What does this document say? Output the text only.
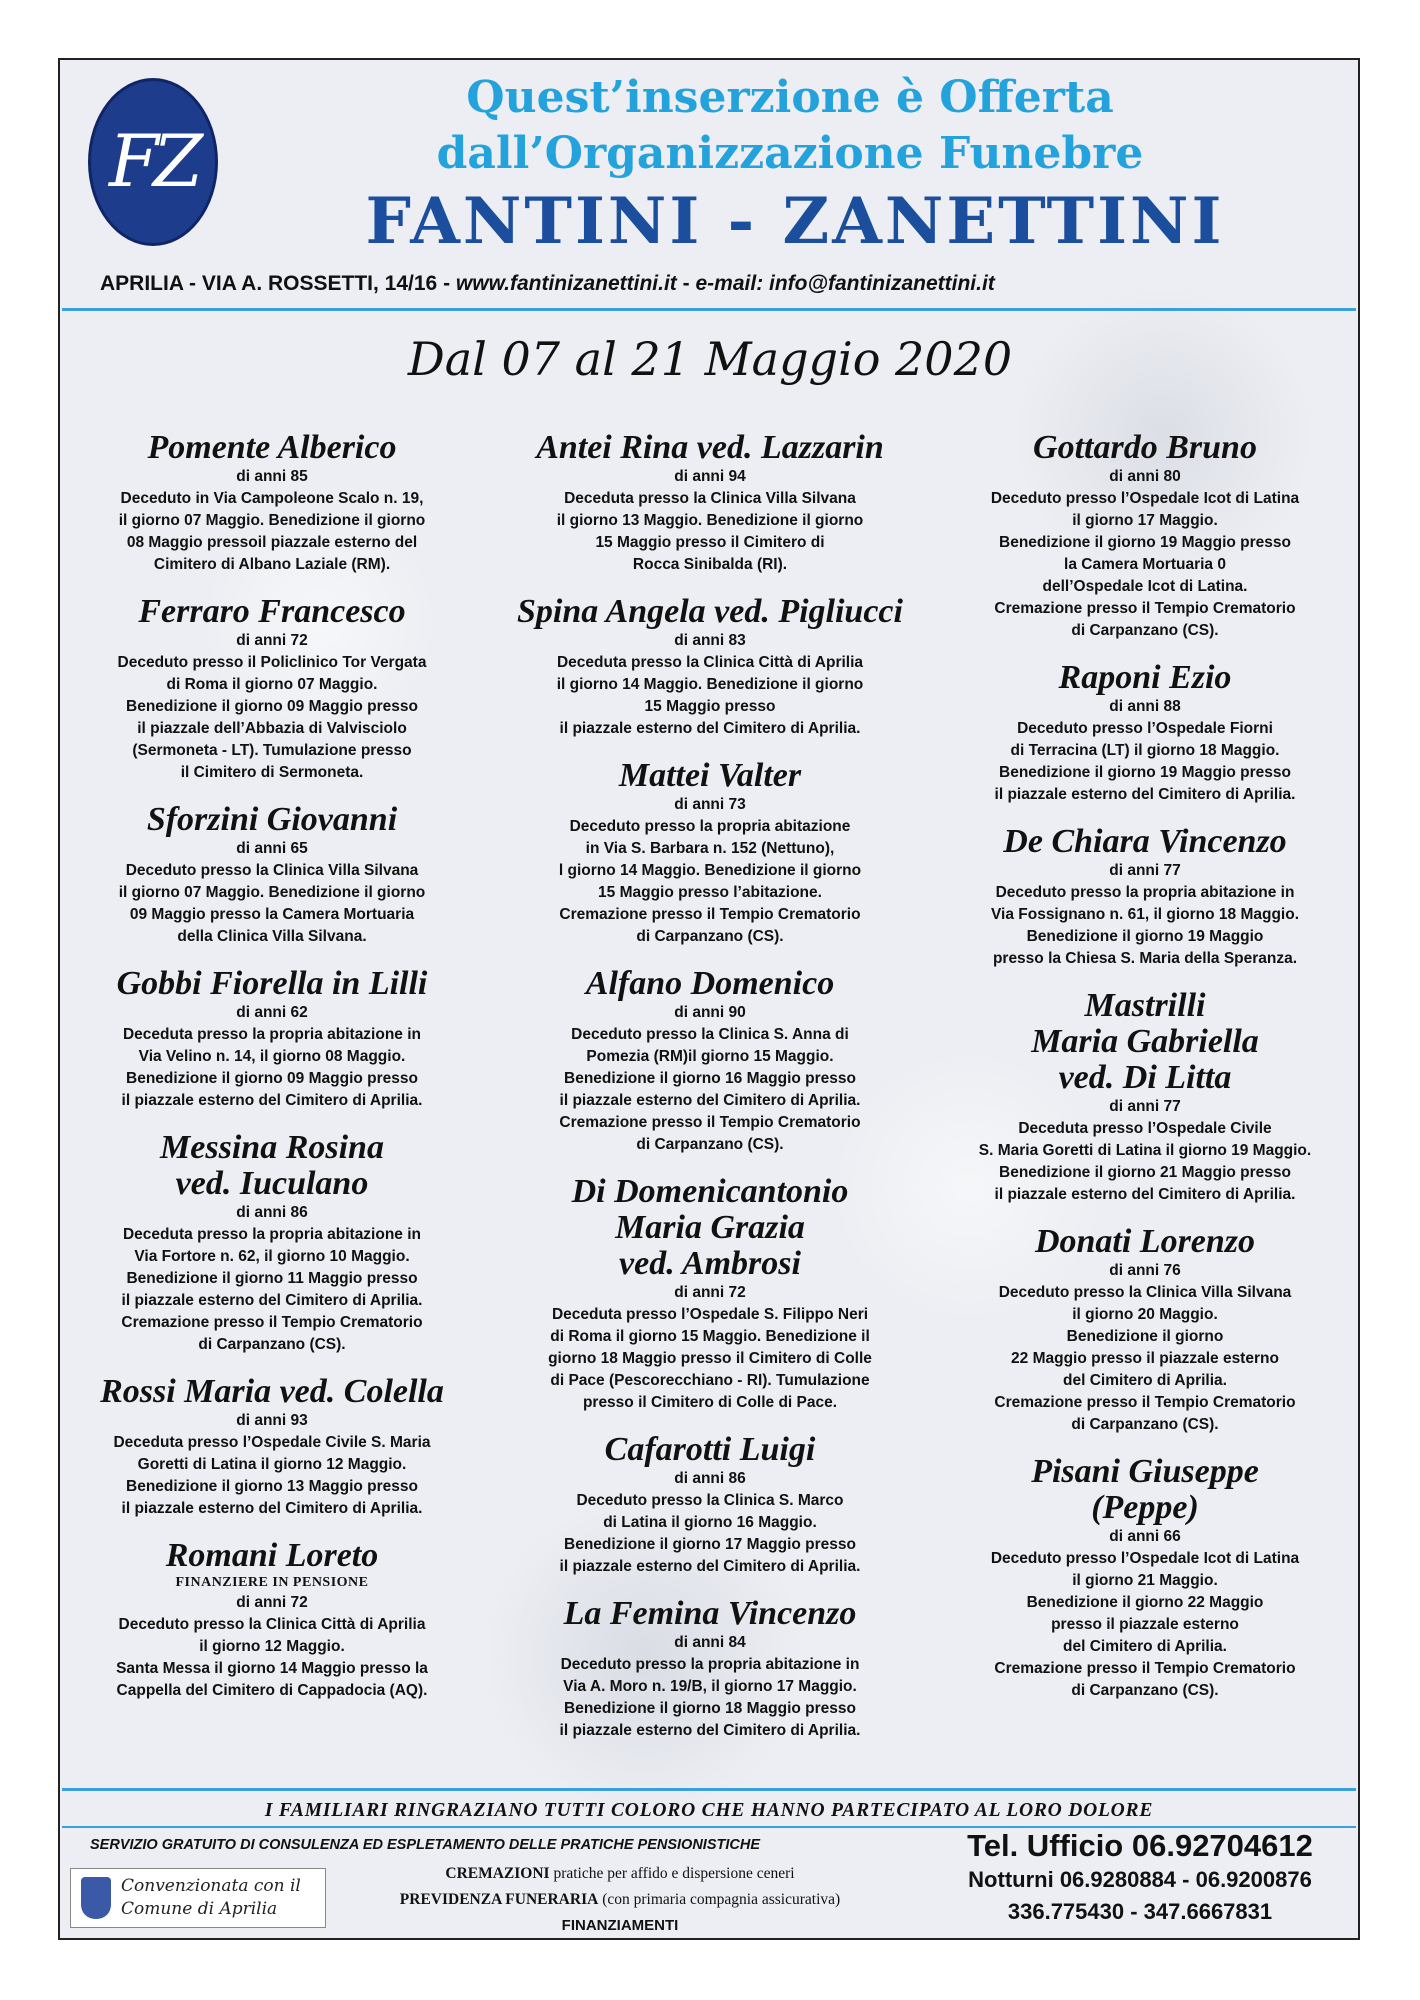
FZ
Quest’inserzione è Offerta
dall’Organizzazione Funebre
FANTINI - ZANETTINI
APRILIA - VIA A. ROSSETTI, 14/16 - www.fantinizanettini.it - e-mail: info@fantinizanettini.it
Dal 07 al 21 Maggio 2020
Pomente Alberico
di anni 85
Deceduto in Via Campoleone Scalo n. 19,
il giorno 07 Maggio. Benedizione il giorno
08 Maggio pressoil piazzale esterno del
Cimitero di Albano Laziale (RM).
Ferraro Francesco
di anni 72
Deceduto presso il Policlinico Tor Vergata
di Roma il giorno 07 Maggio.
Benedizione il giorno 09 Maggio presso
il piazzale dell’Abbazia di Valvisciolo
(Sermoneta - LT). Tumulazione presso
il Cimitero di Sermoneta.
Sforzini Giovanni
di anni 65
Deceduto presso la Clinica Villa Silvana
il giorno 07 Maggio. Benedizione il giorno
09 Maggio presso la Camera Mortuaria
della Clinica Villa Silvana.
Gobbi Fiorella in Lilli
di anni 62
Deceduta presso la propria abitazione in
Via Velino n. 14, il giorno 08 Maggio.
Benedizione il giorno 09 Maggio presso
il piazzale esterno del Cimitero di Aprilia.
Messina Rosina
ved. Iuculano
di anni 86
Deceduta presso la propria abitazione in
Via Fortore n. 62, il giorno 10 Maggio.
Benedizione il giorno 11 Maggio presso
il piazzale esterno del Cimitero di Aprilia.
Cremazione presso il Tempio Crematorio
di Carpanzano (CS).
Rossi Maria ved. Colella
di anni 93
Deceduta presso l’Ospedale Civile S. Maria
Goretti di Latina il giorno 12 Maggio.
Benedizione il giorno 13 Maggio presso
il piazzale esterno del Cimitero di Aprilia.
Romani Loreto
FINANZIERE IN PENSIONE
di anni 72
Deceduto presso la Clinica Città di Aprilia
il giorno 12 Maggio.
Santa Messa il giorno 14 Maggio presso la
Cappella del Cimitero di Cappadocia (AQ).
Antei Rina ved. Lazzarin
di anni 94
Deceduta presso la Clinica Villa Silvana
il giorno 13 Maggio. Benedizione il giorno
15 Maggio presso il Cimitero di
Rocca Sinibalda (RI).
Spina Angela ved. Pigliucci
di anni 83
Deceduta presso la Clinica Città di Aprilia
il giorno 14 Maggio. Benedizione il giorno
15 Maggio presso
il piazzale esterno del Cimitero di Aprilia.
Mattei Valter
di anni 73
Deceduto presso la propria abitazione
in Via S. Barbara n. 152 (Nettuno),
l giorno 14 Maggio. Benedizione il giorno
15 Maggio presso l’abitazione.
Cremazione presso il Tempio Crematorio
di Carpanzano (CS).
Alfano Domenico
di anni 90
Deceduto presso la Clinica S. Anna di
Pomezia (RM)il giorno 15 Maggio.
Benedizione il giorno 16 Maggio presso
il piazzale esterno del Cimitero di Aprilia.
Cremazione presso il Tempio Crematorio
di Carpanzano (CS).
Di Domenicantonio
Maria Grazia
ved. Ambrosi
di anni 72
Deceduta presso l’Ospedale S. Filippo Neri
di Roma il giorno 15 Maggio. Benedizione il
giorno 18 Maggio presso il Cimitero di Colle
di Pace (Pescorecchiano - RI). Tumulazione
presso il Cimitero di Colle di Pace.
Cafarotti Luigi
di anni 86
Deceduto presso la Clinica S. Marco
di Latina il giorno 16 Maggio.
Benedizione il giorno 17 Maggio presso
il piazzale esterno del Cimitero di Aprilia.
La Femina Vincenzo
di anni 84
Deceduto presso la propria abitazione in
Via A. Moro n. 19/B, il giorno 17 Maggio.
Benedizione il giorno 18 Maggio presso
il piazzale esterno del Cimitero di Aprilia.
Gottardo Bruno
di anni 80
Deceduto presso l’Ospedale Icot di Latina
il giorno 17 Maggio.
Benedizione il giorno 19 Maggio presso
la Camera Mortuaria 0
dell’Ospedale Icot di Latina.
Cremazione presso il Tempio Crematorio
di Carpanzano (CS).
Raponi Ezio
di anni 88
Deceduto presso l’Ospedale Fiorni
di Terracina (LT) il giorno 18 Maggio.
Benedizione il giorno 19 Maggio presso
il piazzale esterno del Cimitero di Aprilia.
De Chiara Vincenzo
di anni 77
Deceduto presso la propria abitazione in
Via Fossignano n. 61, il giorno 18 Maggio.
Benedizione il giorno 19 Maggio
presso la Chiesa S. Maria della Speranza.
Mastrilli
Maria Gabriella
ved. Di Litta
di anni 77
Deceduta presso l’Ospedale Civile
S. Maria Goretti di Latina il giorno 19 Maggio.
Benedizione il giorno 21 Maggio presso
il piazzale esterno del Cimitero di Aprilia.
Donati Lorenzo
di anni 76
Deceduto presso la Clinica Villa Silvana
il giorno 20 Maggio.
Benedizione il giorno
22 Maggio presso il piazzale esterno
del Cimitero di Aprilia.
Cremazione presso il Tempio Crematorio
di Carpanzano (CS).
Pisani Giuseppe
(Peppe)
di anni 66
Deceduto presso l’Ospedale Icot di Latina
il giorno 21 Maggio.
Benedizione il giorno 22 Maggio
presso il piazzale esterno
del Cimitero di Aprilia.
Cremazione presso il Tempio Crematorio
di Carpanzano (CS).
I FAMILIARI RINGRAZIANO TUTTI COLORO CHE HANNO PARTECIPATO AL LORO DOLORE
SERVIZIO GRATUITO DI CONSULENZA ED ESPLETAMENTO DELLE PRATICHE PENSIONISTICHE
Convenzionata con il
Comune di Aprilia
CREMAZIONI pratiche per affido e dispersione ceneri
PREVIDENZA FUNERARIA (con primaria compagnia assicurativa)
FINANZIAMENTI
Tel. Ufficio 06.92704612
Notturni 06.9280884 - 06.9200876
336.775430 - 347.6667831
